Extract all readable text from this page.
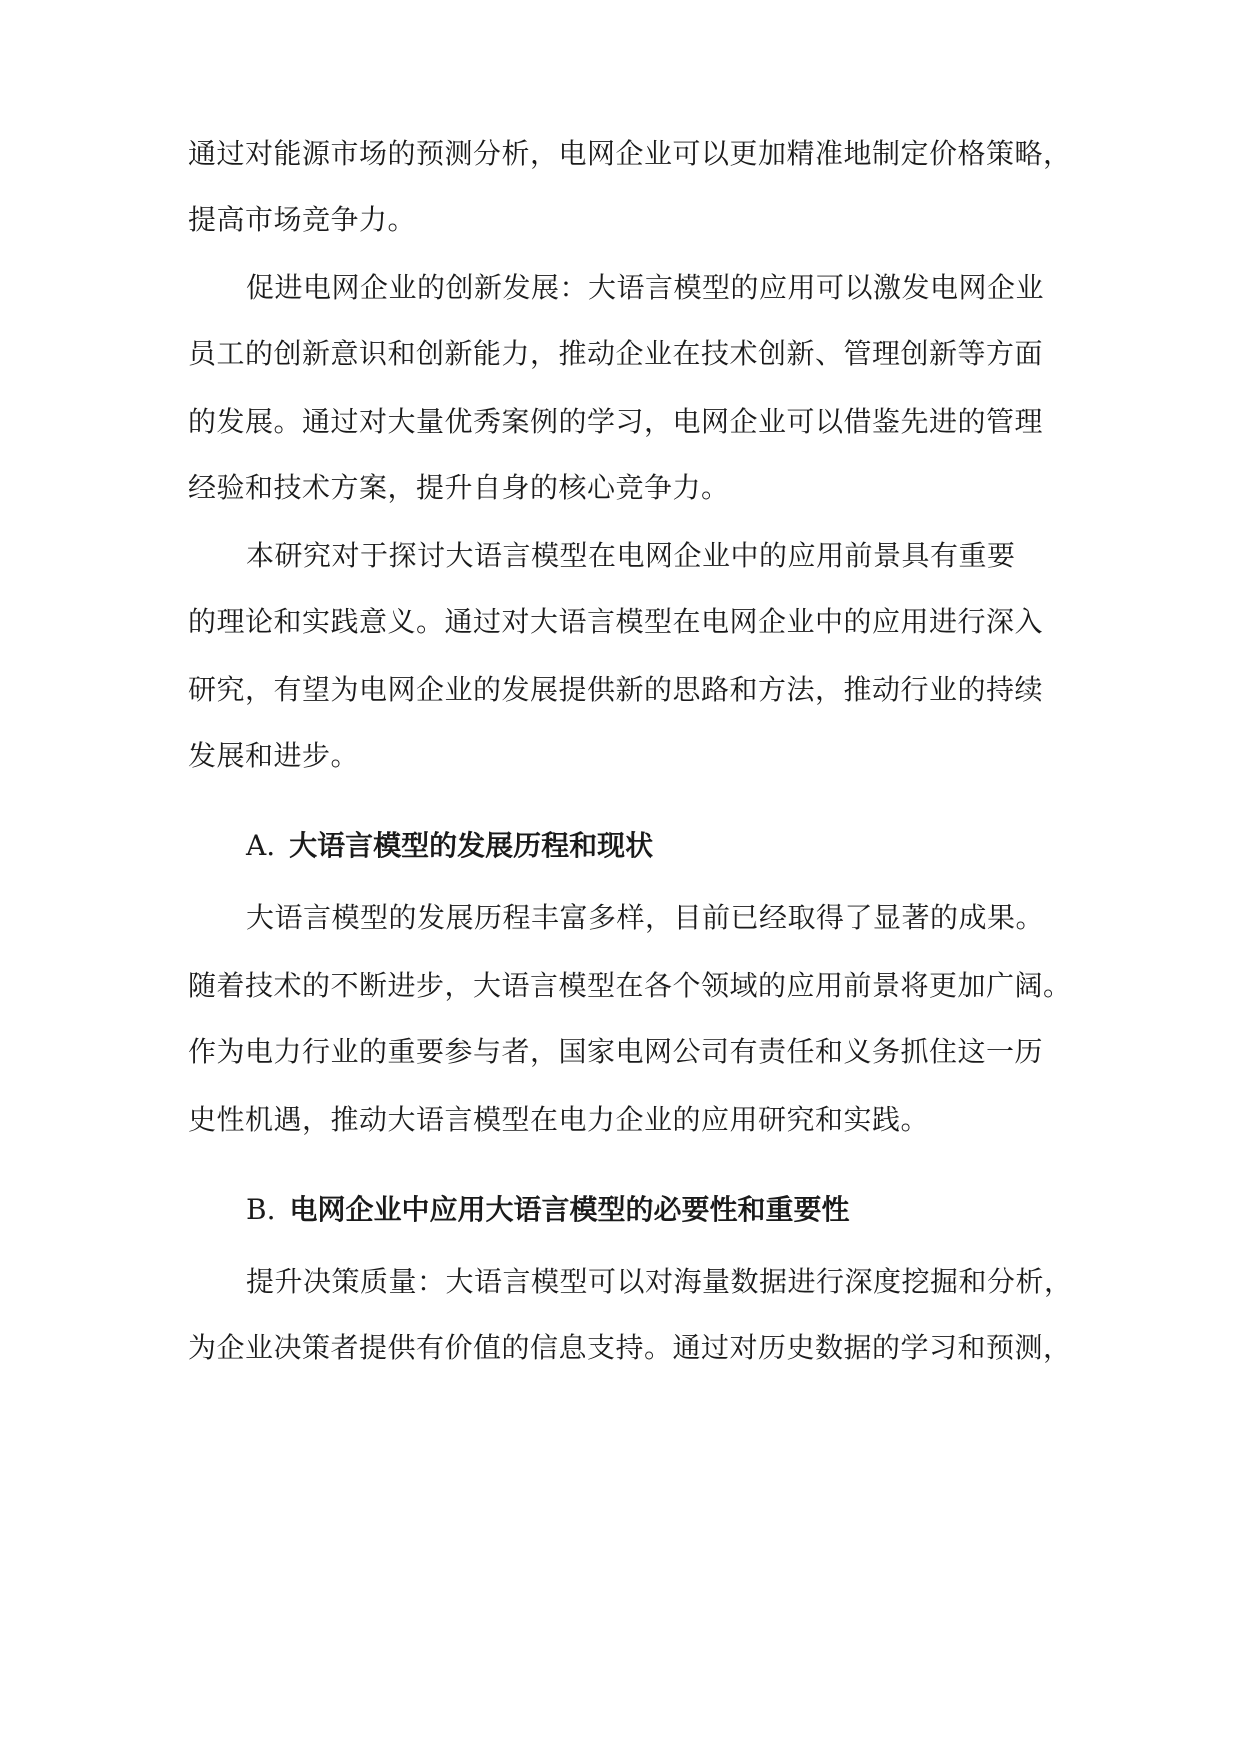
通过对能源市场的预测分析，电网企业可以更加精准地制定价格策略，
提高市场竞争力。
促进电网企业的创新发展：大语言模型的应用可以激发电网企业
员工的创新意识和创新能力，推动企业在技术创新、管理创新等方面
的发展。通过对大量优秀案例的学习，电网企业可以借鉴先进的管理
经验和技术方案，提升自身的核心竞争力。
本研究对于探讨大语言模型在电网企业中的应用前景具有重要
的理论和实践意义。通过对大语言模型在电网企业中的应用进行深入
研究，有望为电网企业的发展提供新的思路和方法，推动行业的持续
发展和进步。
A. 大语言模型的发展历程和现状
大语言模型的发展历程丰富多样，目前已经取得了显著的成果。
随着技术的不断进步，大语言模型在各个领域的应用前景将更加广阔。
作为电力行业的重要参与者，国家电网公司有责任和义务抓住这一历
史性机遇，推动大语言模型在电力企业的应用研究和实践。
B. 电网企业中应用大语言模型的必要性和重要性
提升决策质量：大语言模型可以对海量数据进行深度挖掘和分析，
为企业决策者提供有价值的信息支持。通过对历史数据的学习和预测，
